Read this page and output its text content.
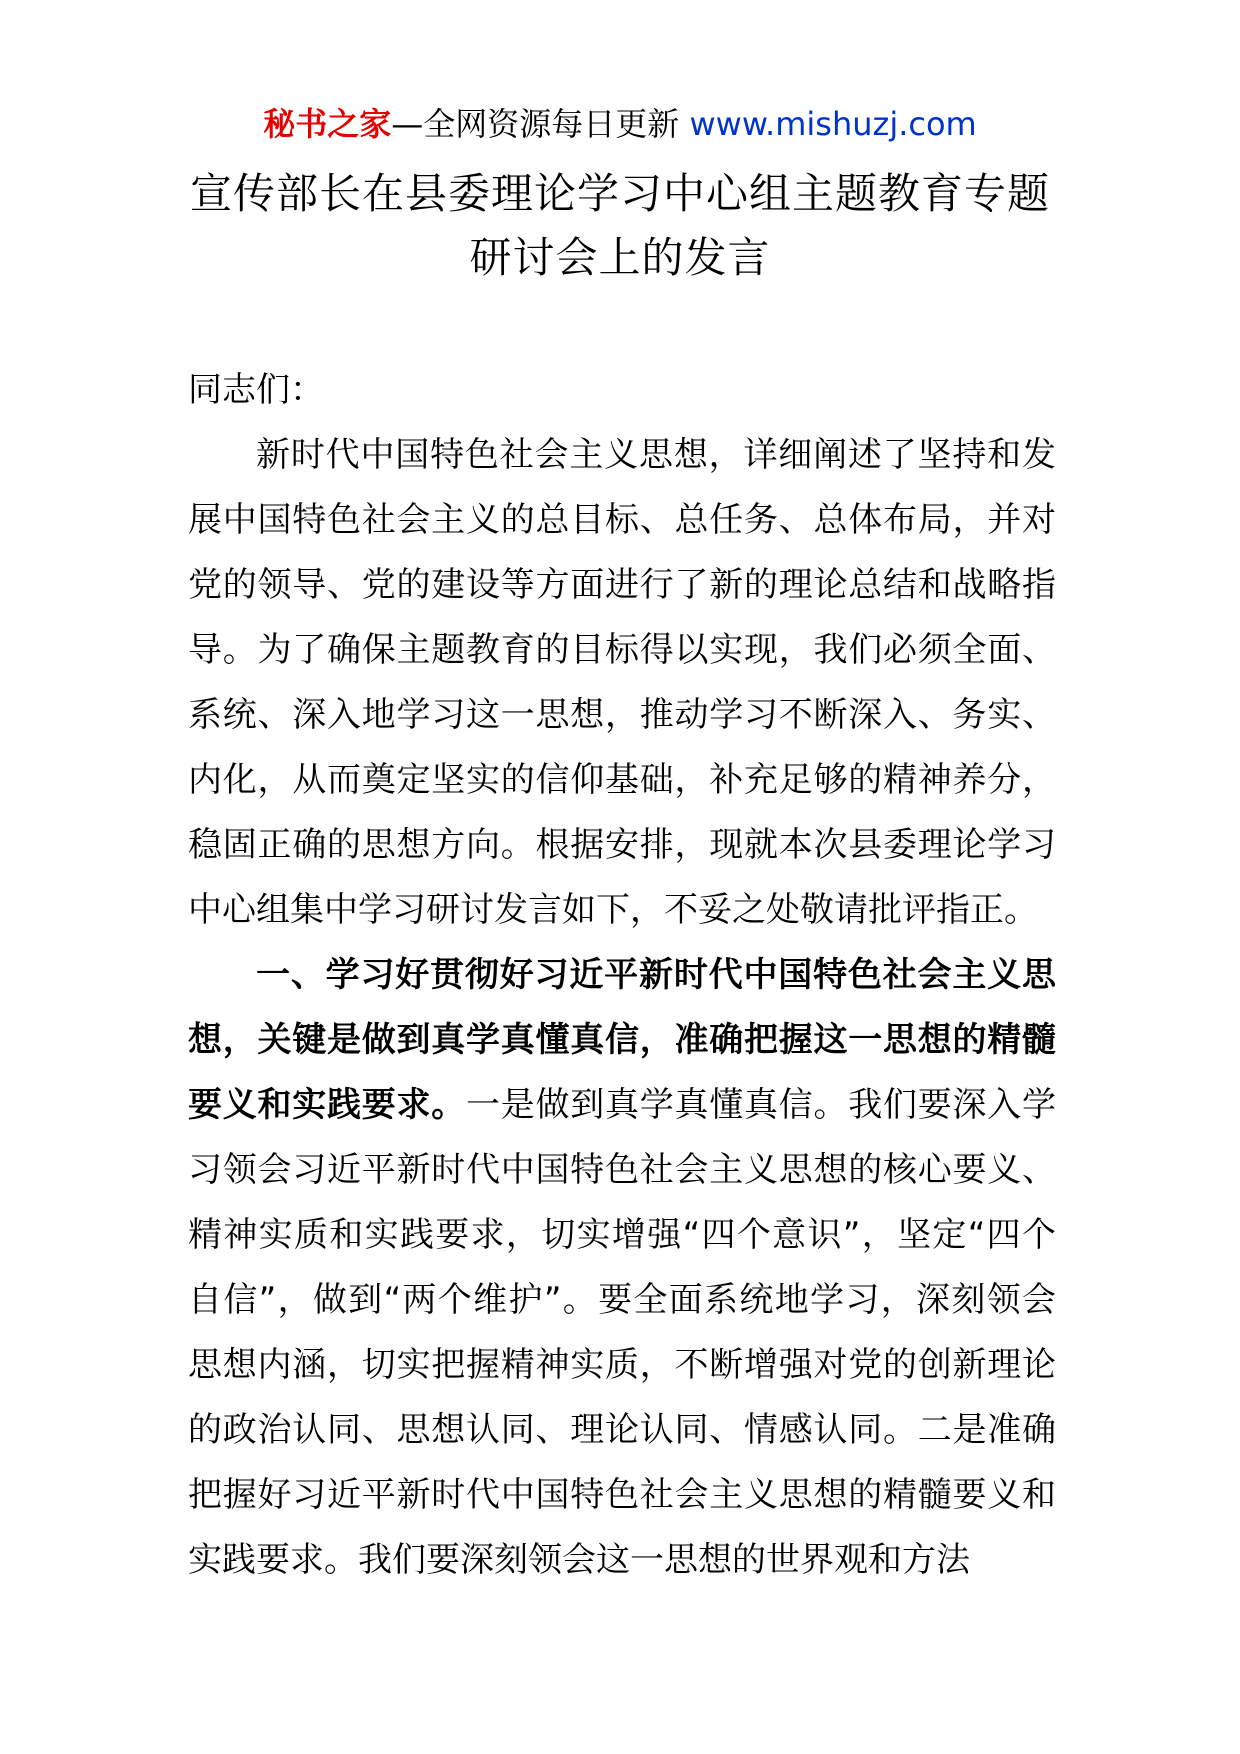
秘书之家—全网资源每日更新 www.mishuzj.com
宣传部长在县委理论学习中心组主题教育专题
研讨会上的发言

同志们：

新时代中国特色社会主义思想，详细阐述了坚持和发展中国特色社会主义的总目标、总任务、总体布局，并对党的领导、党的建设等方面进行了新的理论总结和战略指导。为了确保主题教育的目标得以实现，我们必须全面、系统、深入地学习这一思想，推动学习不断深入、务实、内化，从而奠定坚实的信仰基础，补充足够的精神养分，稳固正确的思想方向。根据安排，现就本次县委理论学习中心组集中学习研讨发言如下，不妥之处敬请批评指正。

一、学习好贯彻好习近平新时代中国特色社会主义思想，关键是做到真学真懂真信，准确把握这一思想的精髓要义和实践要求。一是做到真学真懂真信。我们要深入学习领会习近平新时代中国特色社会主义思想的核心要义、精神实质和实践要求，切实增强“四个意识”，坚定“四个自信”，做到“两个维护”。要全面系统地学习，深刻领会思想内涵，切实把握精神实质，不断增强对党的创新理论的政治认同、思想认同、理论认同、情感认同。二是准确把握好习近平新时代中国特色社会主义思想的精髓要义和实践要求。我们要深刻领会这一思想的世界观和方法
